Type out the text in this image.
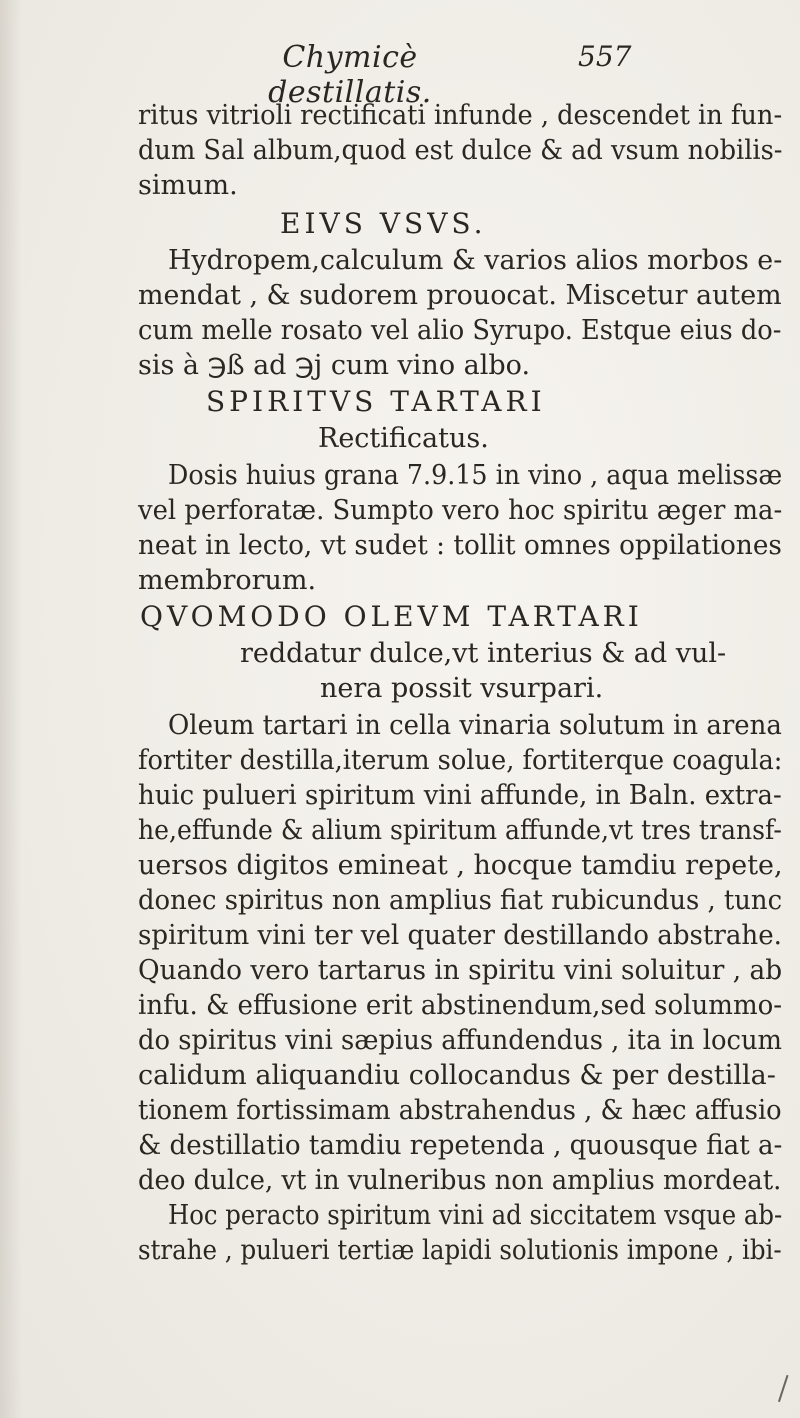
Chymicè destillatis.
557
ritus vitrioli rectificati infunde , descendet in fun-
dum Sal album,quod est dulce & ad vsum nobilis-
simum.
EIVS VSVS.
Hydropem,calculum & varios alios morbos e-
mendat , & sudorem prouocat. Miscetur autem
cum melle rosato vel alio Syrupo. Estque eius do-
sis à ℈ß ad ℈j cum vino albo.
SPIRITVS TARTARI
Rectificatus.
Dosis huius grana 7.9.15 in vino , aqua melissæ
vel perforatæ. Sumpto vero hoc spiritu æger ma-
neat in lecto, vt sudet : tollit omnes oppilationes
membrorum.
QVOMODO OLEVM TARTARI
reddatur dulce,vt interius & ad vul-
nera possit vsurpari.
Oleum tartari in cella vinaria solutum in arena
fortiter destilla,iterum solue, fortiterque coagula:
huic pulueri spiritum vini affunde, in Baln. extra-
he,effunde & alium spiritum affunde,vt tres transf-
uersos digitos emineat , hocque tamdiu repete,
donec spiritus non amplius fiat rubicundus , tunc
spiritum vini ter vel quater destillando abstrahe.
Quando vero tartarus in spiritu vini soluitur , ab
infu. & effusione erit abstinendum,sed solummo-
do spiritus vini sæpius affundendus , ita in locum
calidum aliquandiu collocandus & per destilla-
tionem fortissimam abstrahendus , & hæc affusio
& destillatio tamdiu repetenda , quousque fiat a-
deo dulce, vt in vulneribus non amplius mordeat.
Hoc peracto spiritum vini ad siccitatem vsque ab-
strahe , pulueri tertiæ lapidi solutionis impone , ibi-
